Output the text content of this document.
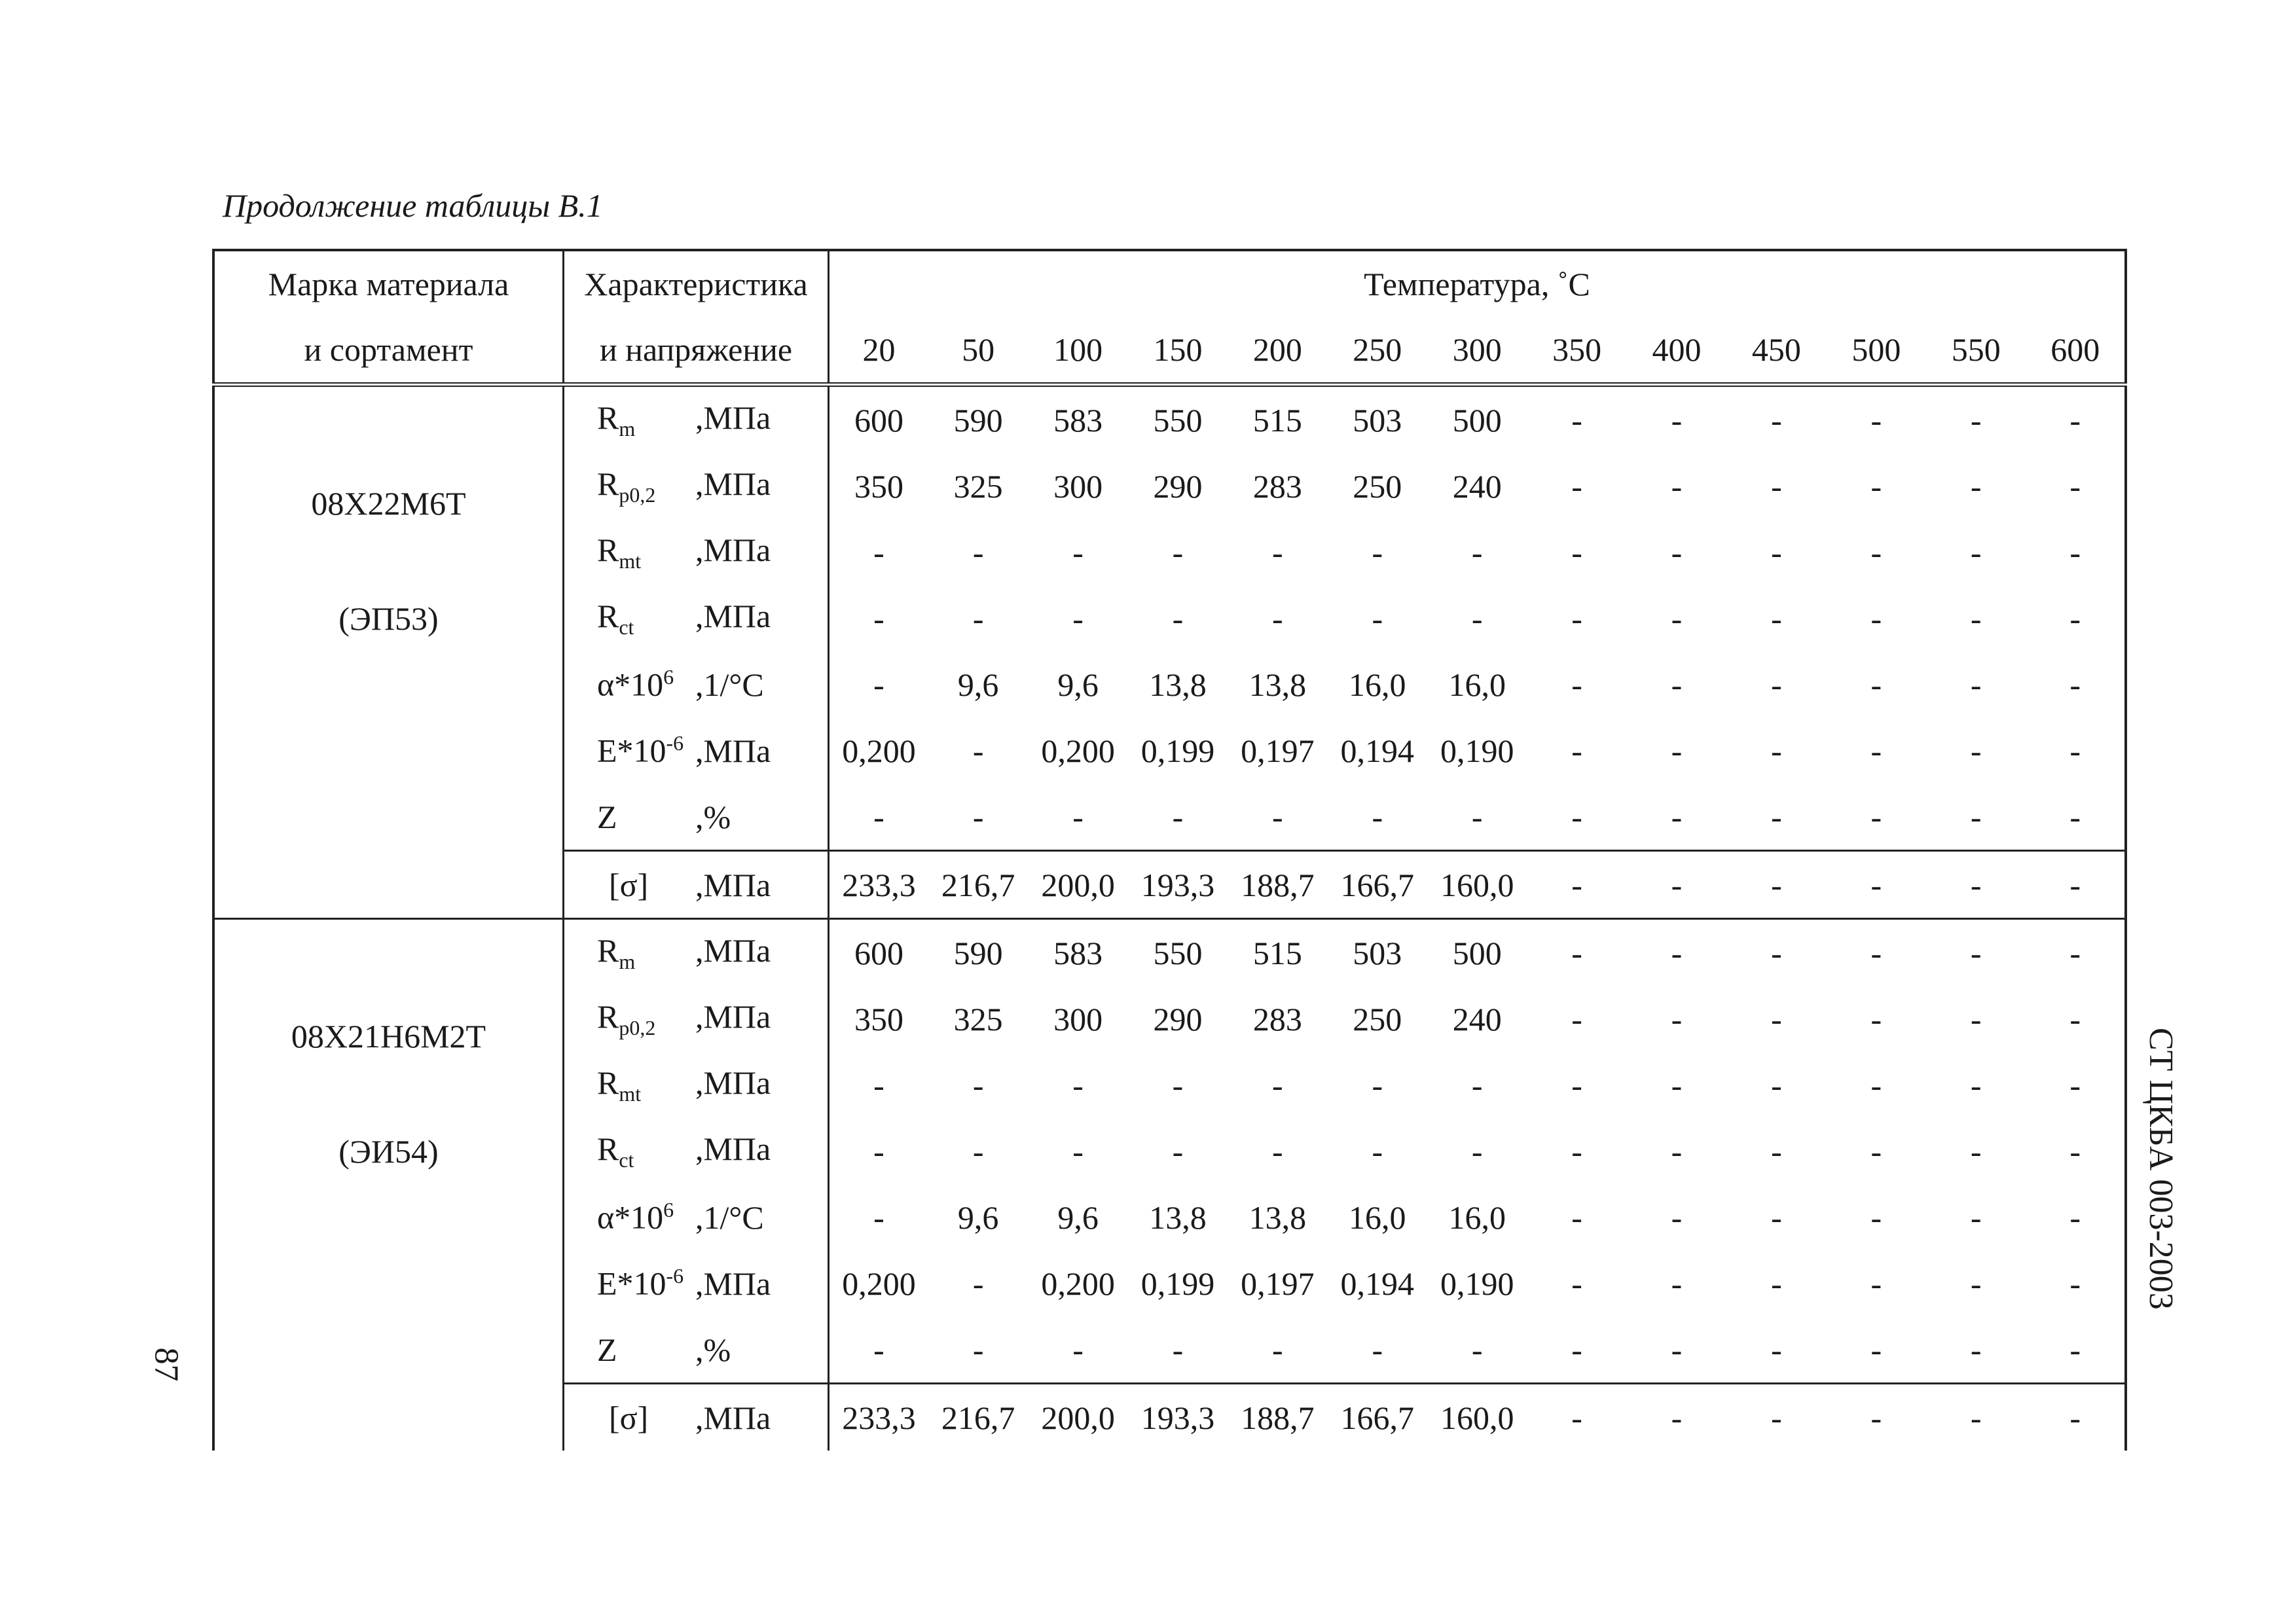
Продолжение таблицы В.1
Марка материала	Характеристика	Температура, ˚С												
и сортамент	и напряжение	20	50	100	150	200	250	300	350	400	450	500	550	600

08Х22М6Т
(ЭП53)	$R_m$ ,МПа	600	590	583	550	515	503	500	-	-	-	-	-	-
	$R_{p0,2}$ ,МПа	350	325	300	290	283	250	240	-	-	-	-	-	-
	$R_{mt}$ ,МПа	-	-	-	-	-	-	-	-	-	-	-	-	-
	$R_{ct}$ ,МПа	-	-	-	-	-	-	-	-	-	-	-	-	-
	$\alpha*10^6$ ,1/°С	-	9,6	9,6	13,8	13,8	16,0	16,0	-	-	-	-	-	-
	$Е*10^{-6}$ ,МПа	0,200	-	0,200	0,199	0,197	0,194	0,190	-	-	-	-	-	-
	Z ,%	-	-	-	-	-	-	-	-	-	-	-	-	-
	[σ] ,МПа	233,3	216,7	200,0	193,3	188,7	166,7	160,0	-	-	-	-	-	-

08Х21Н6М2Т
(ЭИ54)	$R_m$ ,МПа	600	590	583	550	515	503	500	-	-	-	-	-	-
	$R_{p0,2}$ ,МПа	350	325	300	290	283	250	240	-	-	-	-	-	-
	$R_{mt}$ ,МПа	-	-	-	-	-	-	-	-	-	-	-	-	-
	$R_{ct}$ ,МПа	-	-	-	-	-	-	-	-	-	-	-	-	-
	$\alpha*10^6$ ,1/°С	-	9,6	9,6	13,8	13,8	16,0	16,0	-	-	-	-	-	-
	$Е*10^{-6}$ ,МПа	0,200	-	0,200	0,199	0,197	0,194	0,190	-	-	-	-	-	-
	Z ,%	-	-	-	-	-	-	-	-	-	-	-	-	-
	[σ] ,МПа	233,3	216,7	200,0	193,3	188,7	166,7	160,0	-	-	-	-	-	-
СТ ЦКБА 003-2003
87
